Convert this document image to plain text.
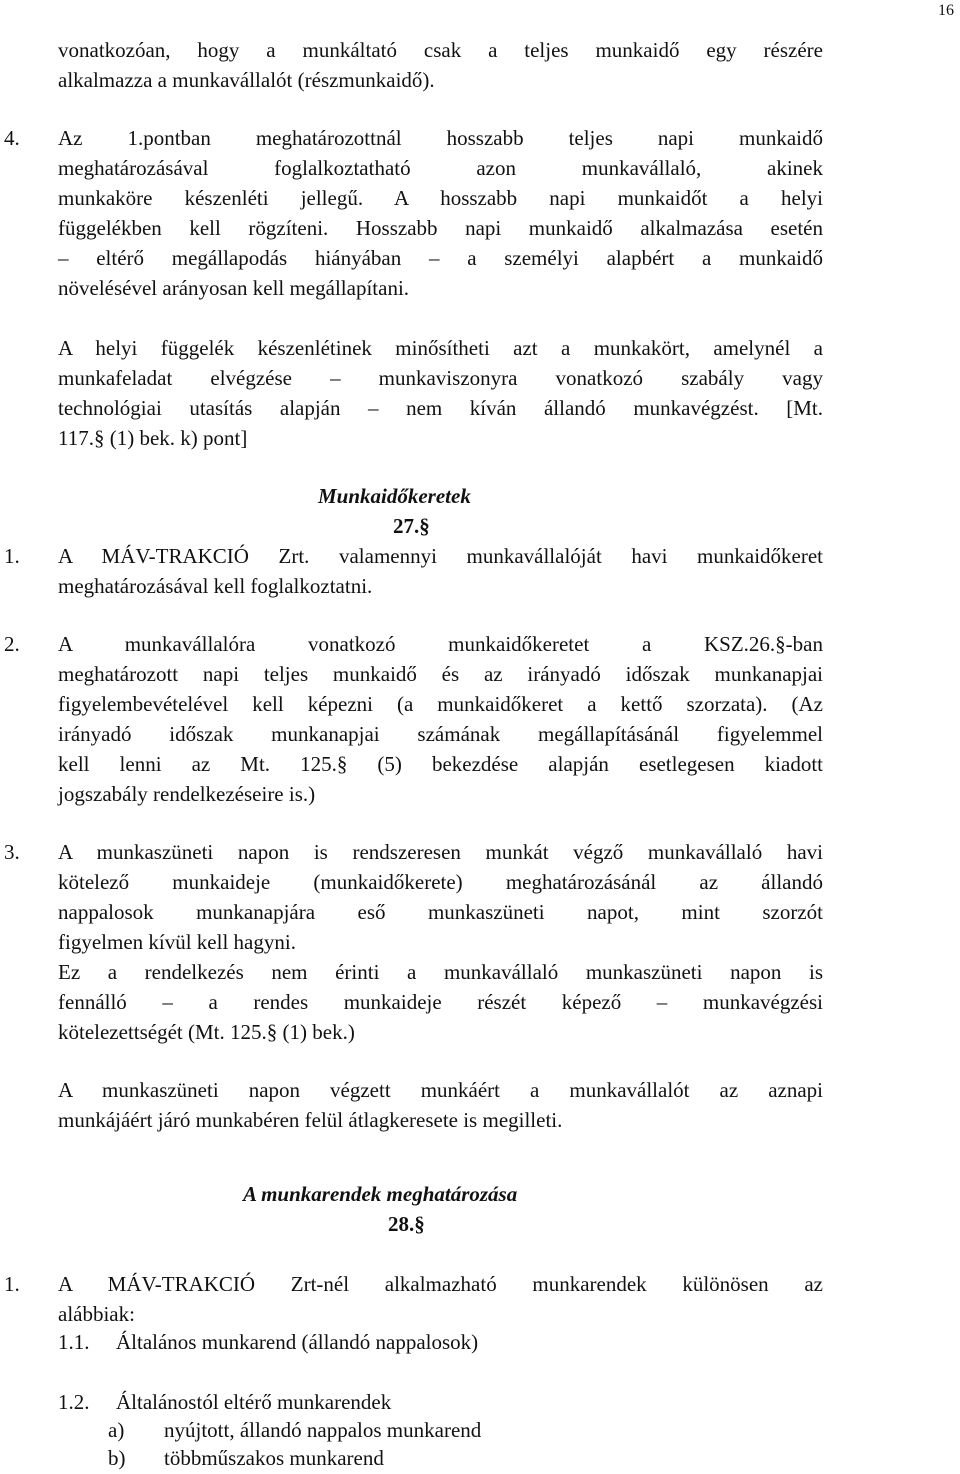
16
vonatkozóan, hogy a munkáltató csak a teljes munkaidő egy részére
alkalmazza a munkavállalót (részmunkaidő).
4. Az 1.pontban meghatározottnál hosszabb teljes napi munkaidő
meghatározásával foglalkoztatható azon munkavállaló, akinek
munkaköre készenléti jellegű. A hosszabb napi munkaidőt a helyi
függelékben kell rögzíteni. Hosszabb napi munkaidő alkalmazása esetén
– eltérő megállapodás hiányában – a személyi alapbért a munkaidő
növelésével arányosan kell megállapítani.
A helyi függelék készenlétinek minősítheti azt a munkakört, amelynél a
munkafeladat elvégzése – munkaviszonyra vonatkozó szabály vagy
technológiai utasítás alapján – nem kíván állandó munkavégzést. [Mt.
117.§ (1) bek. k) pont]
Munkaidőkeretek
27.§
1. A MÁV-TRAKCIÓ Zrt. valamennyi munkavállalóját havi munkaidőkeret
meghatározásával kell foglalkoztatni.
2. A munkavállalóra vonatkozó munkaidőkeretet a KSZ.26.§-ban
meghatározott napi teljes munkaidő és az irányadó időszak munkanapjai
figyelembevételével kell képezni (a munkaidőkeret a kettő szorzata). (Az
irányadó időszak munkanapjai számának megállapításánál figyelemmel
kell lenni az Mt. 125.§ (5) bekezdése alapján esetlegesen kiadott
jogszabály rendelkezéseire is.)
3. A munkaszüneti napon is rendszeresen munkát végző munkavállaló havi
kötelező munkaideje (munkaidőkerete) meghatározásánál az állandó
nappalosok munkanapjára eső munkaszüneti napot, mint szorzót
figyelmen kívül kell hagyni.
Ez a rendelkezés nem érinti a munkavállaló munkaszüneti napon is
fennálló – a rendes munkaideje részét képező – munkavégzési
kötelezettségét (Mt. 125.§ (1) bek.)
A munkaszüneti napon végzett munkáért a munkavállalót az aznapi
munkájáért járó munkabéren felül átlagkeresete is megilleti.
A munkarendek meghatározása
28.§
1. A MÁV-TRAKCIÓ Zrt-nél alkalmazható munkarendek különösen az
alábbiak:
1.1. Általános munkarend (állandó nappalosok)
1.2. Általánostól eltérő munkarendek
a) nyújtott, állandó nappalos munkarend
b) többműszakos munkarend
